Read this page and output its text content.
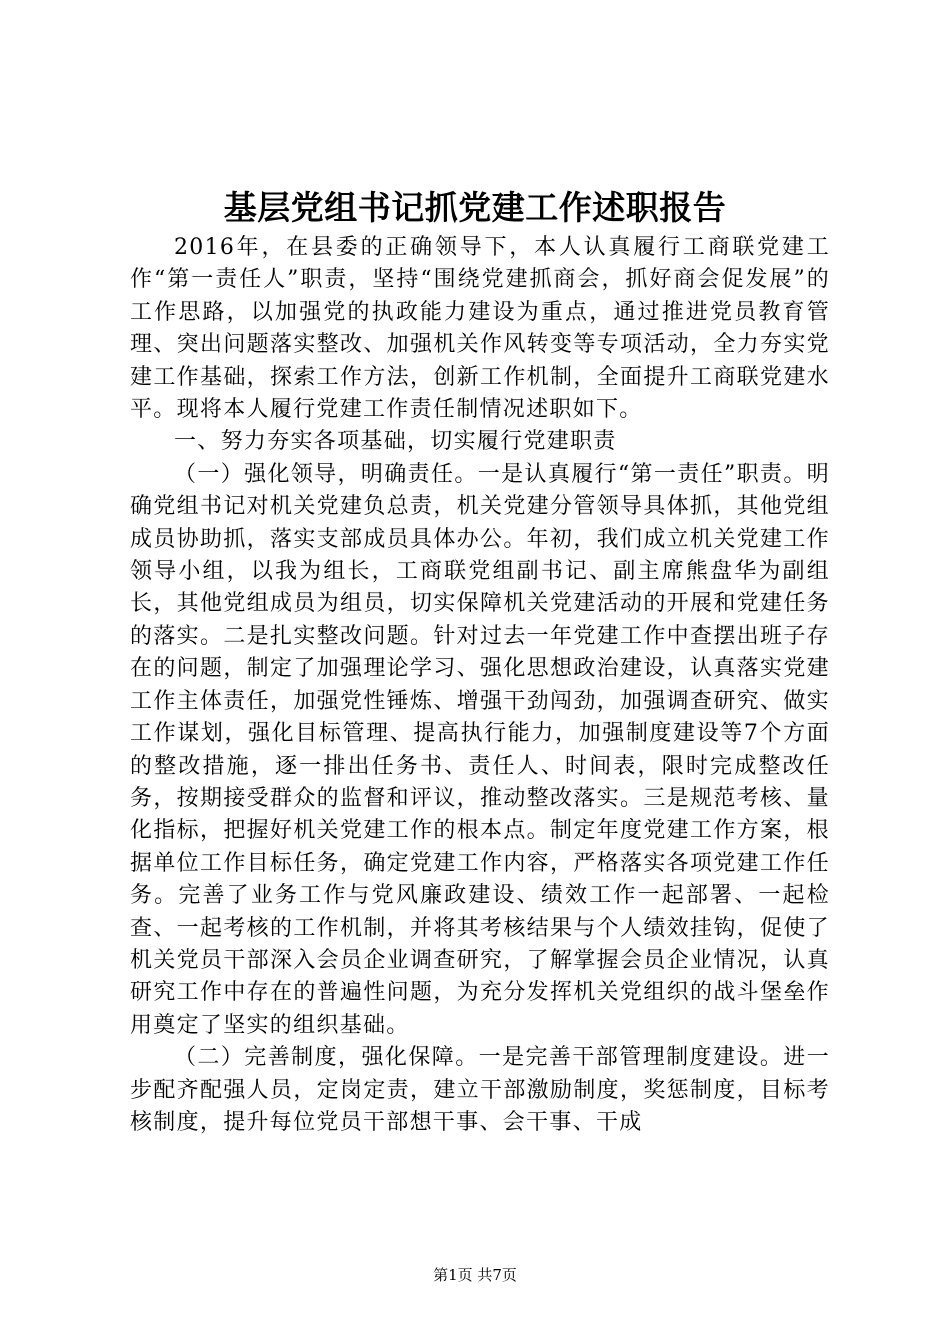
基层党组书记抓党建工作述职报告

2016年，在县委的正确领导下，本人认真履行工商联党建工作“第一责任人”职责，坚持“围绕党建抓商会，抓好商会促发展”的工作思路，以加强党的执政能力建设为重点，通过推进党员教育管理、突出问题落实整改、加强机关作风转变等专项活动，全力夯实党建工作基础，探索工作方法，创新工作机制，全面提升工商联党建水平。现将本人履行党建工作责任制情况述职如下。

一、努力夯实各项基础，切实履行党建职责

（一）强化领导，明确责任。一是认真履行“第一责任”职责。明确党组书记对机关党建负总责，机关党建分管领导具体抓，其他党组成员协助抓，落实支部成员具体办公。年初，我们成立机关党建工作领导小组，以我为组长，工商联党组副书记、副主席熊盘华为副组长，其他党组成员为组员，切实保障机关党建活动的开展和党建任务的落实。二是扎实整改问题。针对过去一年党建工作中查摆出班子存在的问题，制定了加强理论学习、强化思想政治建设，认真落实党建工作主体责任，加强党性锤炼、增强干劲闯劲，加强调查研究、做实工作谋划，强化目标管理、提高执行能力，加强制度建设等7个方面的整改措施，逐一排出任务书、责任人、时间表，限时完成整改任务，按期接受群众的监督和评议，推动整改落实。三是规范考核、量化指标，把握好机关党建工作的根本点。制定年度党建工作方案，根据单位工作目标任务，确定党建工作内容，严格落实各项党建工作任务。完善了业务工作与党风廉政建设、绩效工作一起部署、一起检查、一起考核的工作机制，并将其考核结果与个人绩效挂钩，促使了机关党员干部深入会员企业调查研究，了解掌握会员企业情况，认真研究工作中存在的普遍性问题，为充分发挥机关党组织的战斗堡垒作用奠定了坚实的组织基础。

（二）完善制度，强化保障。一是完善干部管理制度建设。进一步配齐配强人员，定岗定责，建立干部激励制度，奖惩制度，目标考核制度，提升每位党员干部想干事、会干事、干成

第1页 共7页
